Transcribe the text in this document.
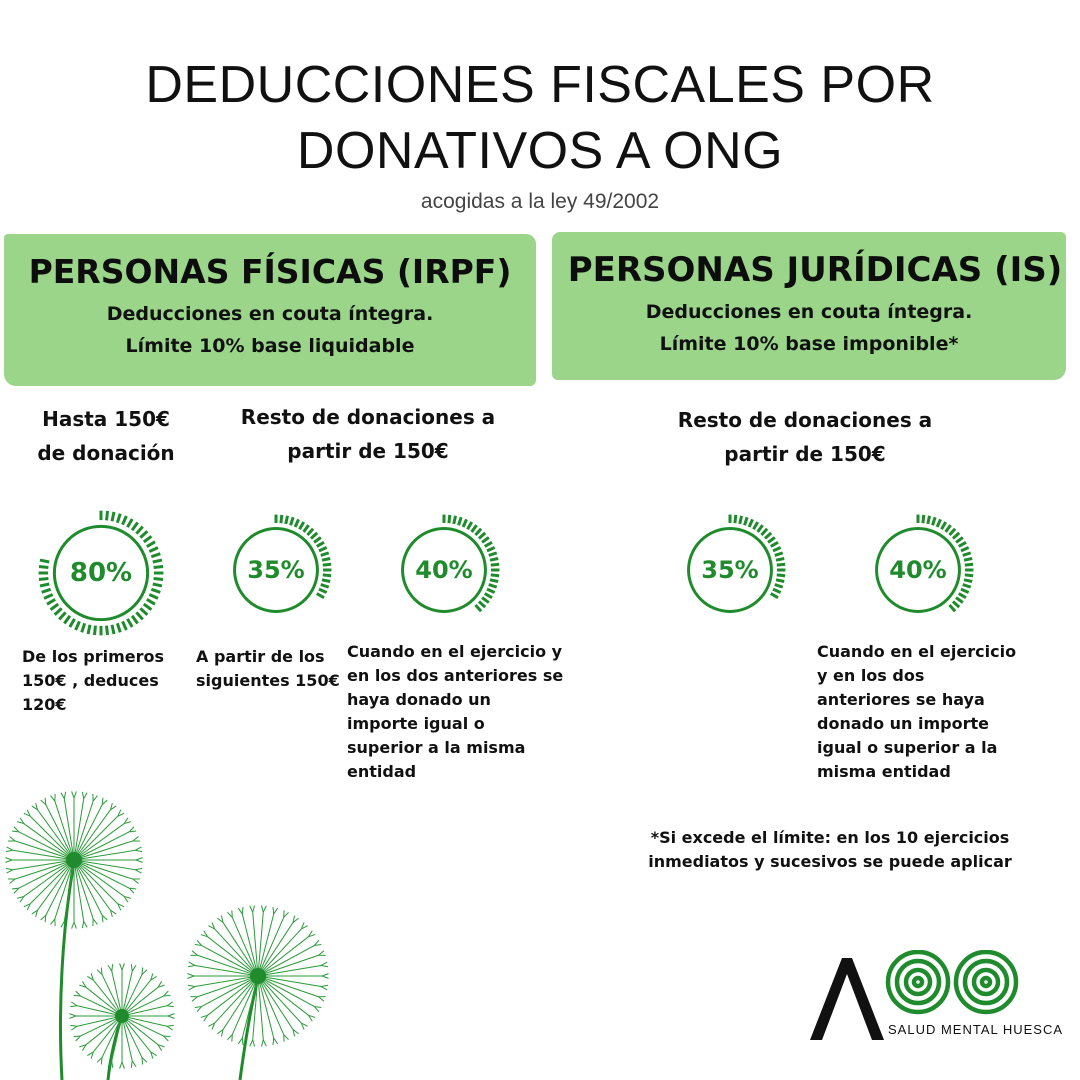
DEDUCCIONES FISCALES POR DONATIVOS A ONG
acogidas a la ley 49/2002
PERSONAS FÍSICAS (IRPF)
Deducciones en couta íntegra.
Límite 10% base liquidable
PERSONAS JURÍDICAS (IS)
Deducciones en couta íntegra.
Límite 10% base imponible*
Hasta 150€
de donación
Resto de donaciones a
partir de 150€
Resto de donaciones a
partir de 150€
80%	35%	40%	35%	40%
De los primeros
150€ , deduces
120€
A partir de los
siguientes 150€
Cuando en el ejercicio y
en los dos anteriores se
haya donado un
importe igual o
superior a la misma
entidad
Cuando en el ejercicio
y en los dos
anteriores se haya
donado un importe
igual o superior a la
misma entidad
*Si excede el límite: en los 10 ejercicios
inmediatos y sucesivos se puede aplicar
SALUD MENTAL HUESCA
